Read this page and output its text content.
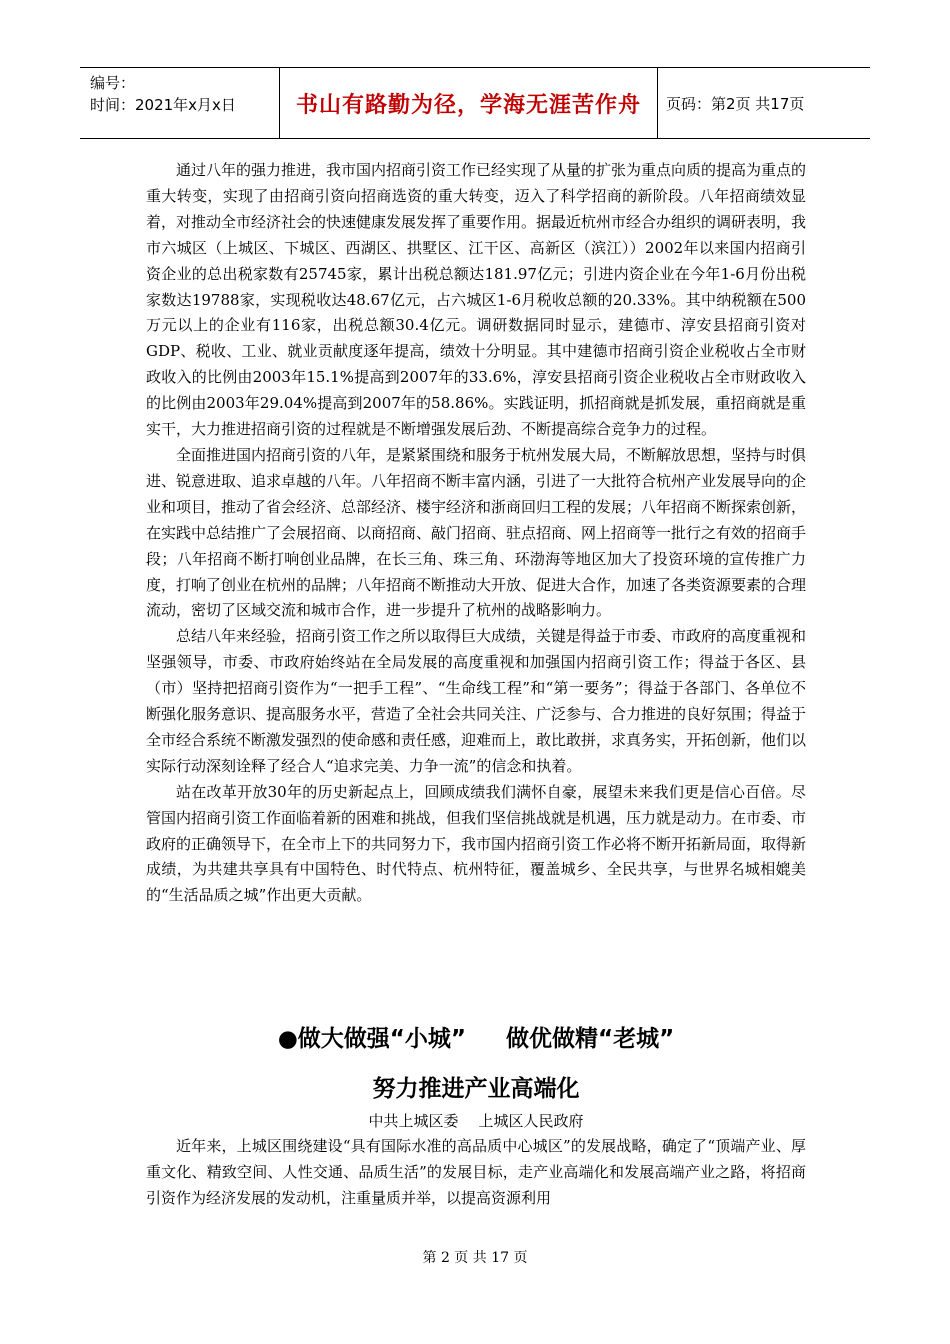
编号：
时间：2021年x月x日	书山有路勤为径，学海无涯苦作舟	页码：第2页 共17页

通过八年的强力推进，我市国内招商引资工作已经实现了从量的扩张为重点向质的提高为重点的重大转变，实现了由招商引资向招商选资的重大转变，迈入了科学招商的新阶段。八年招商绩效显着，对推动全市经济社会的快速健康发展发挥了重要作用。据最近杭州市经合办组织的调研表明，我市六城区（上城区、下城区、西湖区、拱墅区、江干区、高新区（滨江））2002年以来国内招商引资企业的总出税家数有25745家，累计出税总额达181.97亿元；引进内资企业在今年1-6月份出税家数达19788家，实现税收达48.67亿元，占六城区1-6月税收总额的20.33%。其中纳税额在500万元以上的企业有116家，出税总额30.4亿元。调研数据同时显示，建德市、淳安县招商引资对GDP、税收、工业、就业贡献度逐年提高，绩效十分明显。其中建德市招商引资企业税收占全市财政收入的比例由2003年15.1%提高到2007年的33.6%，淳安县招商引资企业税收占全市财政收入的比例由2003年29.04%提高到2007年的58.86%。实践证明，抓招商就是抓发展，重招商就是重实干，大力推进招商引资的过程就是不断增强发展后劲、不断提高综合竞争力的过程。

全面推进国内招商引资的八年，是紧紧围绕和服务于杭州发展大局，不断解放思想，坚持与时俱进、锐意进取、追求卓越的八年。八年招商不断丰富内涵，引进了一大批符合杭州产业发展导向的企业和项目，推动了省会经济、总部经济、楼宇经济和浙商回归工程的发展；八年招商不断探索创新，在实践中总结推广了会展招商、以商招商、敲门招商、驻点招商、网上招商等一批行之有效的招商手段；八年招商不断打响创业品牌，在长三角、珠三角、环渤海等地区加大了投资环境的宣传推广力度，打响了创业在杭州的品牌；八年招商不断推动大开放、促进大合作，加速了各类资源要素的合理流动，密切了区域交流和城市合作，进一步提升了杭州的战略影响力。

总结八年来经验，招商引资工作之所以取得巨大成绩，关键是得益于市委、市政府的高度重视和坚强领导，市委、市政府始终站在全局发展的高度重视和加强国内招商引资工作；得益于各区、县（市）坚持把招商引资作为“一把手工程”、“生命线工程”和“第一要务”；得益于各部门、各单位不断强化服务意识、提高服务水平，营造了全社会共同关注、广泛参与、合力推进的良好氛围；得益于全市经合系统不断激发强烈的使命感和责任感，迎难而上，敢比敢拼，求真务实，开拓创新，他们以实际行动深刻诠释了经合人“追求完美、力争一流”的信念和执着。

站在改革开放30年的历史新起点上，回顾成绩我们满怀自豪，展望未来我们更是信心百倍。尽管国内招商引资工作面临着新的困难和挑战，但我们坚信挑战就是机遇，压力就是动力。在市委、市政府的正确领导下，在全市上下的共同努力下，我市国内招商引资工作必将不断开拓新局面，取得新成绩，为共建共享具有中国特色、时代特点、杭州特征，覆盖城乡、全民共享，与世界名城相媲美的“生活品质之城”作出更大贡献。

●做大做强“小城” 做优做精“老城”
努力推进产业高端化
中共上城区委 上城区人民政府

近年来，上城区围绕建设“具有国际水准的高品质中心城区”的发展战略，确定了“顶端产业、厚重文化、精致空间、人性交通、品质生活”的发展目标，走产业高端化和发展高端产业之路，将招商引资作为经济发展的发动机，注重量质并举，以提高资源利用

第 2 页 共 17 页
